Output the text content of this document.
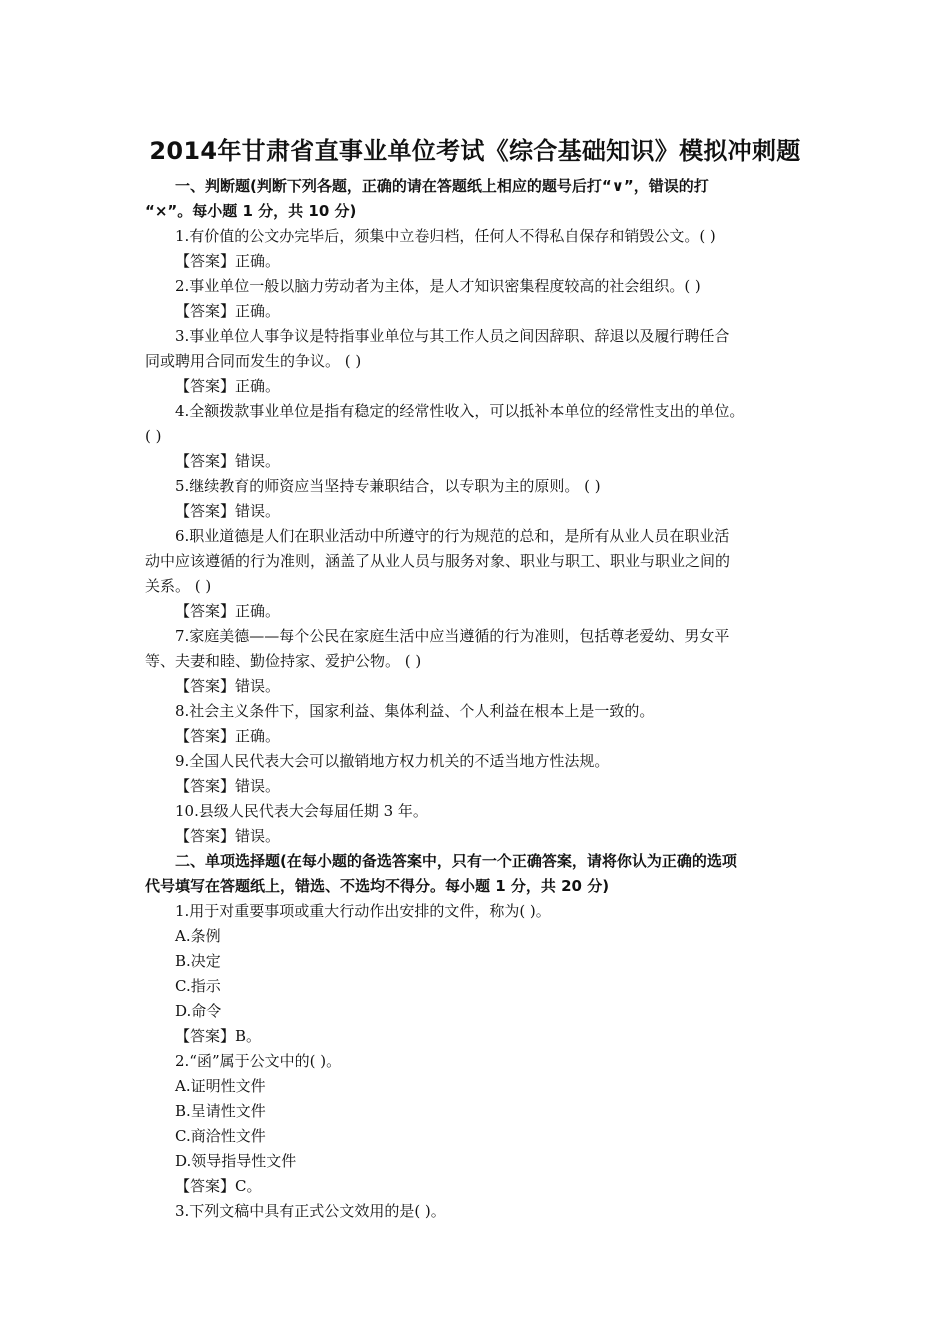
2014年甘肃省直事业单位考试《综合基础知识》模拟冲刺题
一、判断题(判断下列各题，正确的请在答题纸上相应的题号后打“∨”，错误的打
“×”。每小题 1 分，共 10 分)
1.有价值的公文办完毕后，须集中立卷归档，任何人不得私自保存和销毁公文。( )
【答案】正确。
2.事业单位一般以脑力劳动者为主体，是人才知识密集程度较高的社会组织。( )
【答案】正确。
3.事业单位人事争议是特指事业单位与其工作人员之间因辞职、辞退以及履行聘任合
同或聘用合同而发生的争议。 ( )
【答案】正确。
4.全额拨款事业单位是指有稳定的经常性收入，可以抵补本单位的经常性支出的单位。
( )
【答案】错误。
5.继续教育的师资应当坚持专兼职结合，以专职为主的原则。 ( )
【答案】错误。
6.职业道德是人们在职业活动中所遵守的行为规范的总和，是所有从业人员在职业活
动中应该遵循的行为准则，涵盖了从业人员与服务对象、职业与职工、职业与职业之间的
关系。 ( )
【答案】正确。
7.家庭美德——每个公民在家庭生活中应当遵循的行为准则，包括尊老爱幼、男女平
等、夫妻和睦、勤俭持家、爱护公物。 ( )
【答案】错误。
8.社会主义条件下，国家利益、集体利益、个人利益在根本上是一致的。
【答案】正确。
9.全国人民代表大会可以撤销地方权力机关的不适当地方性法规。
【答案】错误。
10.县级人民代表大会每届任期 3 年。
【答案】错误。
二、单项选择题(在每小题的备选答案中，只有一个正确答案，请将你认为正确的选项
代号填写在答题纸上，错选、不选均不得分。每小题 1 分，共 20 分)
1.用于对重要事项或重大行动作出安排的文件，称为( )。
A.条例
B.决定
C.指示
D.命令
【答案】B。
2.“函”属于公文中的( )。
A.证明性文件
B.呈请性文件
C.商洽性文件
D.领导指导性文件
【答案】C。
3.下列文稿中具有正式公文效用的是( )。
